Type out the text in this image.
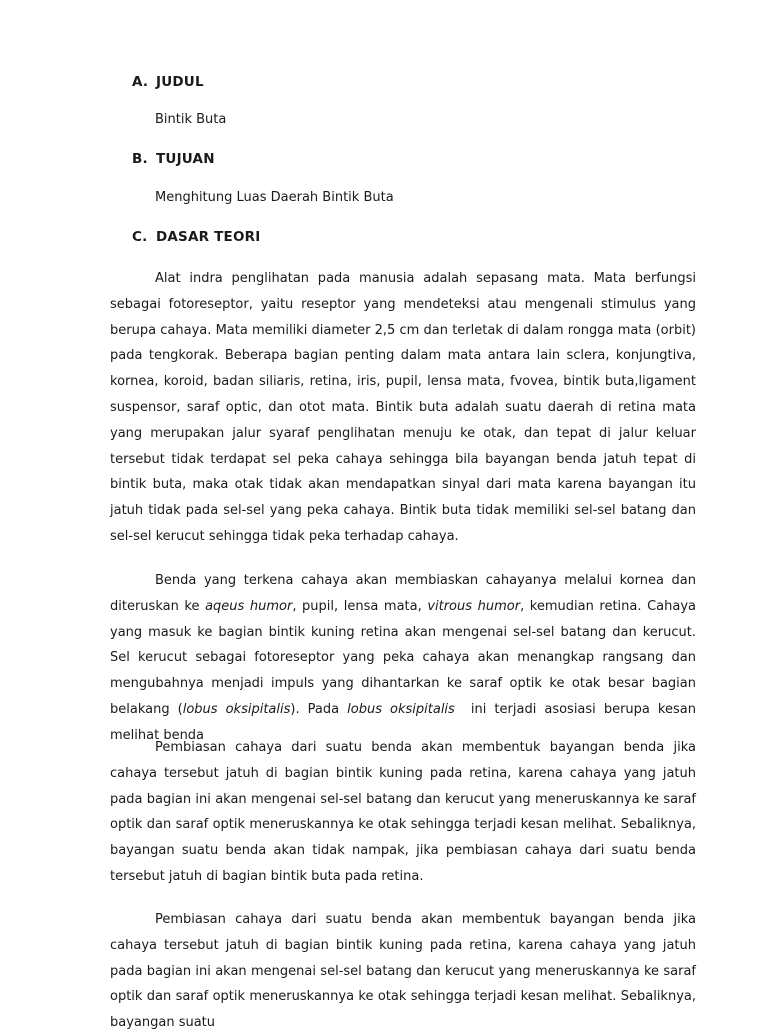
A. JUDUL
Bintik Buta
B. TUJUAN
Menghitung Luas Daerah Bintik Buta
C. DASAR TEORI

Alat indra penglihatan pada manusia adalah sepasang mata. Mata berfungsi sebagai fotoreseptor, yaitu reseptor yang mendeteksi atau mengenali stimulus yang berupa cahaya. Mata memiliki diameter 2,5 cm dan terletak di dalam rongga mata (orbit) pada tengkorak. Beberapa bagian penting dalam mata antara lain sclera, konjungtiva, kornea, koroid, badan siliaris, retina, iris, pupil, lensa mata, fvovea, bintik buta,ligament suspensor, saraf optic, dan otot mata. Bintik buta adalah suatu daerah di retina mata yang merupakan jalur syaraf penglihatan menuju ke otak, dan tepat di jalur keluar tersebut tidak terdapat sel peka cahaya sehingga bila bayangan benda jatuh tepat di bintik buta, maka otak tidak akan mendapatkan sinyal dari mata karena bayangan itu jatuh tidak pada sel-sel yang peka cahaya. Bintik buta tidak memiliki sel-sel batang dan sel-sel kerucut sehingga tidak peka terhadap cahaya.

Benda yang terkena cahaya akan membiaskan cahayanya melalui kornea dan diteruskan ke aqeus humor, pupil, lensa mata, vitrous humor, kemudian retina. Cahaya yang masuk ke bagian bintik kuning retina akan mengenai sel-sel batang dan kerucut. Sel kerucut sebagai fotoreseptor yang peka cahaya akan menangkap rangsang dan mengubahnya menjadi impuls yang dihantarkan ke saraf optik ke otak besar bagian belakang (lobus oksipitalis). Pada lobus oksipitalis  ini terjadi asosiasi berupa kesan melihat benda

Pembiasan cahaya dari suatu benda akan membentuk bayangan benda jika cahaya tersebut jatuh di bagian bintik kuning pada retina, karena cahaya yang jatuh pada bagian ini akan mengenai sel-sel batang dan kerucut yang meneruskannya ke saraf optik dan saraf optik meneruskannya ke otak sehingga terjadi kesan melihat. Sebaliknya, bayangan suatu benda akan tidak nampak, jika pembiasan cahaya dari suatu benda tersebut jatuh di bagian bintik buta pada retina.

Pembiasan cahaya dari suatu benda akan membentuk bayangan benda jika cahaya tersebut jatuh di bagian bintik kuning pada retina, karena cahaya yang jatuh pada bagian ini akan mengenai sel-sel batang dan kerucut yang meneruskannya ke saraf optik dan saraf optik meneruskannya ke otak sehingga terjadi kesan melihat. Sebaliknya, bayangan suatu
